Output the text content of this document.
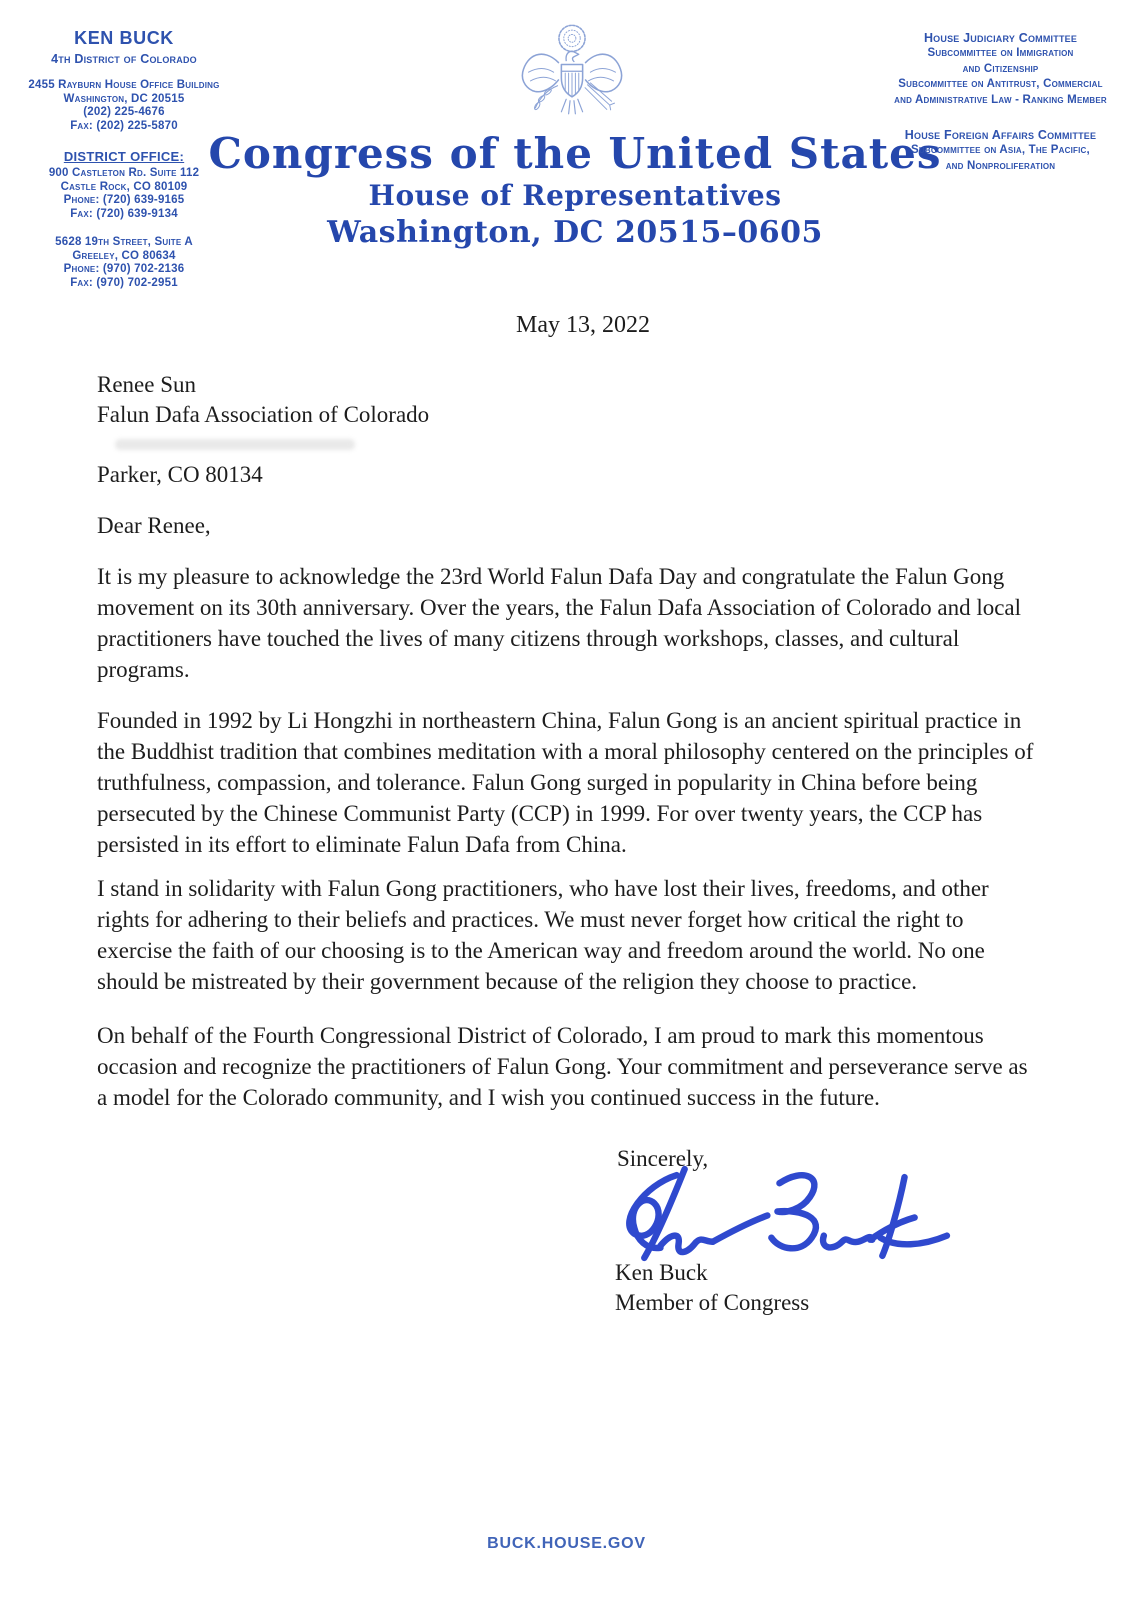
KEN BUCK
4th District of Colorado
2455 Rayburn House Office Building
Washington, DC 20515
(202) 225-4676
Fax: (202) 225-5870
DISTRICT OFFICE:
900 Castleton Rd. Suite 112
Castle Rock, CO 80109
Phone: (720) 639-9165
Fax: (720) 639-9134
5628 19th Street, Suite A
Greeley, CO 80634
Phone: (970) 702-2136
Fax: (970) 702-2951
Congress of the United States
House of Representatives
Washington, DC 20515–0605
House Judiciary Committee
Subcommittee on Immigration
and Citizenship
Subcommittee on Antitrust, Commercial
and Administrative Law - Ranking Member
House Foreign Affairs Committee
Subcommittee on Asia, The Pacific,
and Nonproliferation
May 13, 2022
Renee Sun
Falun Dafa Association of Colorado
Parker, CO 80134
Dear Renee,
It is my pleasure to acknowledge the 23rd World Falun Dafa Day and congratulate the Falun Gong movement on its 30th anniversary. Over the years, the Falun Dafa Association of Colorado and local practitioners have touched the lives of many citizens through workshops, classes, and cultural programs.
Founded in 1992 by Li Hongzhi in northeastern China, Falun Gong is an ancient spiritual practice in the Buddhist tradition that combines meditation with a moral philosophy centered on the principles of truthfulness, compassion, and tolerance. Falun Gong surged in popularity in China before being persecuted by the Chinese Communist Party (CCP) in 1999. For over twenty years, the CCP has persisted in its effort to eliminate Falun Dafa from China.
I stand in solidarity with Falun Gong practitioners, who have lost their lives, freedoms, and other rights for adhering to their beliefs and practices. We must never forget how critical the right to exercise the faith of our choosing is to the American way and freedom around the world. No one should be mistreated by their government because of the religion they choose to practice.
On behalf of the Fourth Congressional District of Colorado, I am proud to mark this momentous occasion and recognize the practitioners of Falun Gong. Your commitment and perseverance serve as a model for the Colorado community, and I wish you continued success in the future.
Sincerely,
Ken Buck
Member of Congress
BUCK.HOUSE.GOV
